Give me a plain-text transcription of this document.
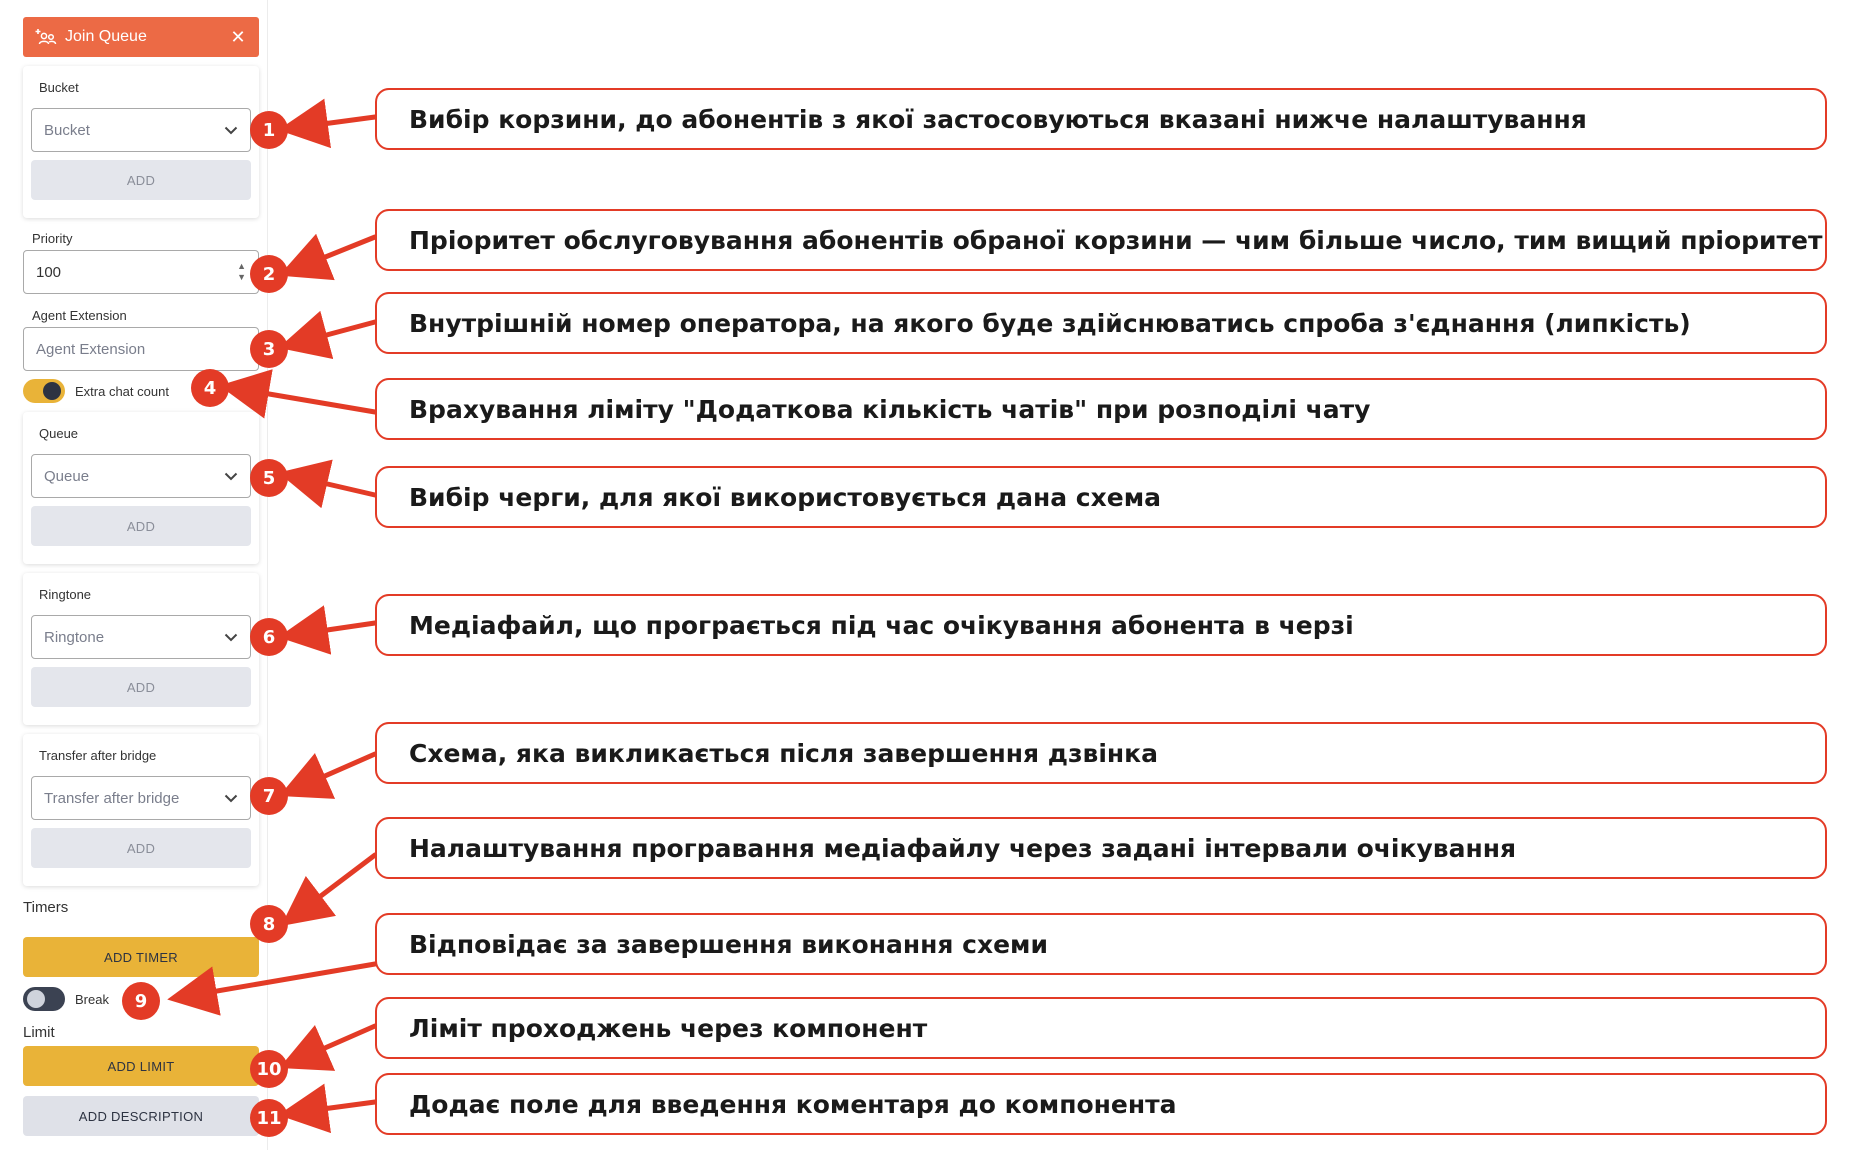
Join Queue	✕
Bucket
Bucket
ADD
Priority
100	▲
▼
Agent Extension
Agent Extension
Extra chat count
Queue
Queue
ADD
Ringtone
Ringtone
ADD
Transfer after bridge
Transfer after bridge
ADD
Timers
ADD TIMER
Break
Limit
ADD LIMIT
ADD DESCRIPTION
1
2
3
4
5
6
7
8
9
10
11
Вибір корзини, до абонентів з якої застосовуються вказані нижче налаштування
Пріоритет обслуговування абонентів обраної корзини — чим більше число, тим вищий пріоритет
Внутрішній номер оператора, на якого буде здійснюватись спроба з'єднання (липкість)
Врахування ліміту "Додаткова кількість чатів" при розподілі чату
Вибір черги, для якої використовується дана схема
Медіафайл, що програється під час очікування абонента в черзі
Схема, яка викликається після завершення дзвінка
Налаштування програвання медіафайлу через задані інтервали очікування
Відповідає за завершення виконання схеми
Ліміт проходжень через компонент
Додає поле для введення коментаря до компонента
